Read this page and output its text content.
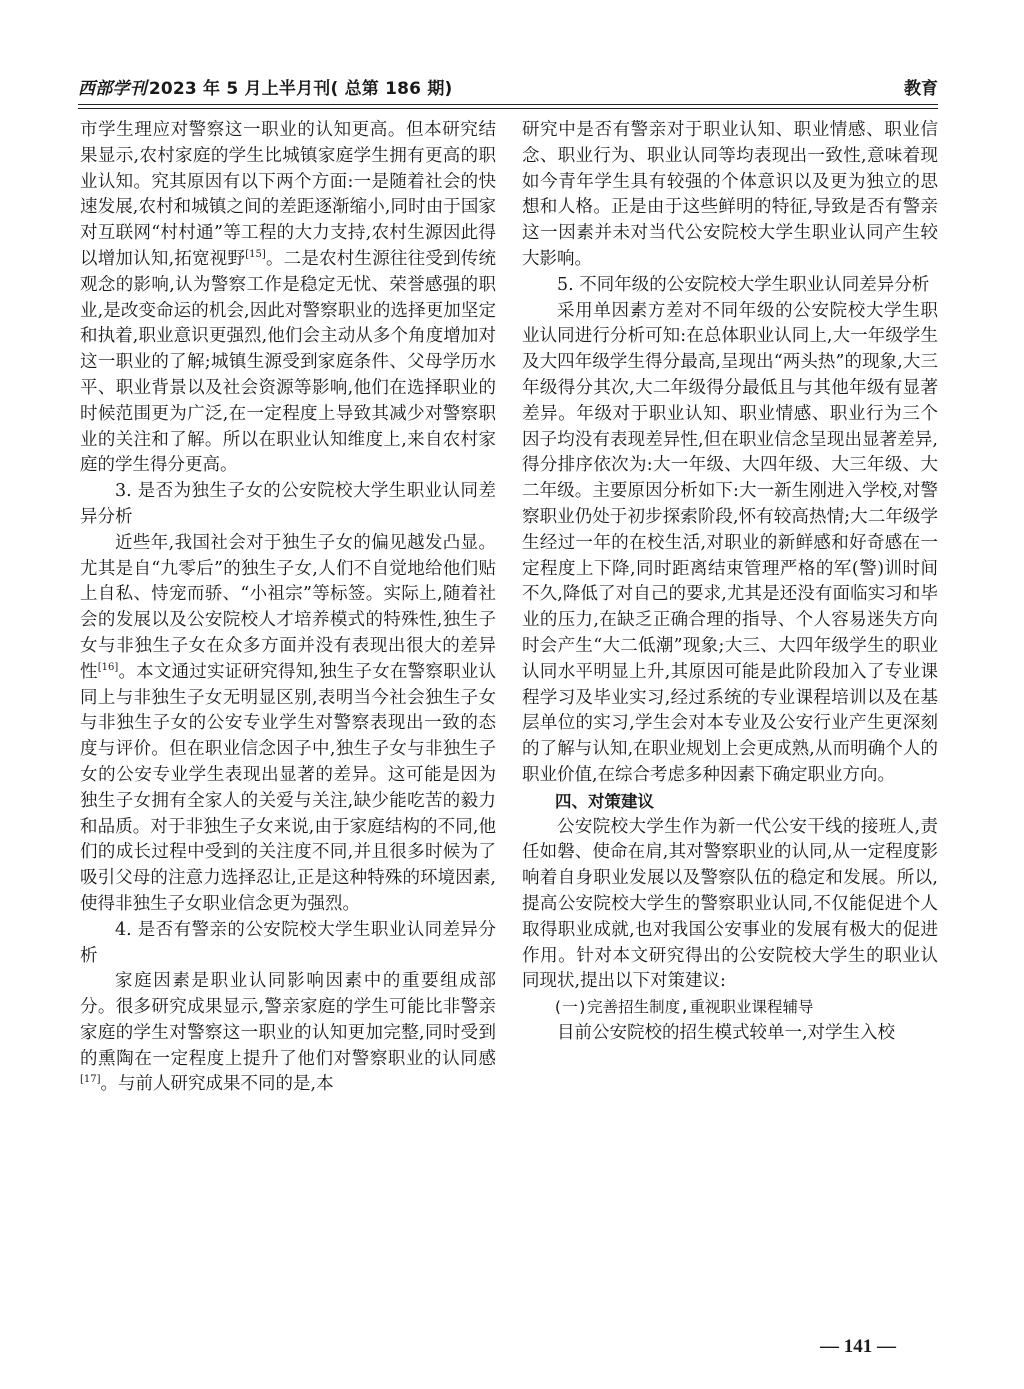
西部学刊 2023 年 5 月上半月刊( 总第 186 期)	教育

市学生理应对警察这一职业的认知更高。但本研究结果显示,农村家庭的学生比城镇家庭学生拥有更高的职业认知。究其原因有以下两个方面:一是随着社会的快速发展,农村和城镇之间的差距逐渐缩小,同时由于国家对互联网“村村通”等工程的大力支持,农村生源因此得以增加认知,拓宽视野[15]。二是农村生源往往受到传统观念的影响,认为警察工作是稳定无忧、荣誉感强的职业,是改变命运的机会,因此对警察职业的选择更加坚定和执着,职业意识更强烈,他们会主动从多个角度增加对这一职业的了解;城镇生源受到家庭条件、父母学历水平、职业背景以及社会资源等影响,他们在选择职业的时候范围更为广泛,在一定程度上导致其减少对警察职业的关注和了解。所以在职业认知维度上,来自农村家庭的学生得分更高。

3. 是否为独生子女的公安院校大学生职业认同差异分析

近些年,我国社会对于独生子女的偏见越发凸显。尤其是自“九零后”的独生子女,人们不自觉地给他们贴上自私、恃宠而骄、“小祖宗”等标签。实际上,随着社会的发展以及公安院校人才培养模式的特殊性,独生子女与非独生子女在众多方面并没有表现出很大的差异性[16]。本文通过实证研究得知,独生子女在警察职业认同上与非独生子女无明显区别,表明当今社会独生子女与非独生子女的公安专业学生对警察表现出一致的态度与评价。但在职业信念因子中,独生子女与非独生子女的公安专业学生表现出显著的差异。这可能是因为独生子女拥有全家人的关爱与关注,缺少能吃苦的毅力和品质。对于非独生子女来说,由于家庭结构的不同,他们的成长过程中受到的关注度不同,并且很多时候为了吸引父母的注意力选择忍让,正是这种特殊的环境因素,使得非独生子女职业信念更为强烈。

4. 是否有警亲的公安院校大学生职业认同差异分析

家庭因素是职业认同影响因素中的重要组成部分。很多研究成果显示,警亲家庭的学生可能比非警亲家庭的学生对警察这一职业的认知更加完整,同时受到的熏陶在一定程度上提升了他们对警察职业的认同感[17]。与前人研究成果不同的是,本

研究中是否有警亲对于职业认知、职业情感、职业信念、职业行为、职业认同等均表现出一致性,意味着现如今青年学生具有较强的个体意识以及更为独立的思想和人格。正是由于这些鲜明的特征,导致是否有警亲这一因素并未对当代公安院校大学生职业认同产生较大影响。

5. 不同年级的公安院校大学生职业认同差异分析

采用单因素方差对不同年级的公安院校大学生职业认同进行分析可知:在总体职业认同上,大一年级学生及大四年级学生得分最高,呈现出“两头热”的现象,大三年级得分其次,大二年级得分最低且与其他年级有显著差异。年级对于职业认知、职业情感、职业行为三个因子均没有表现差异性,但在职业信念呈现出显著差异,得分排序依次为:大一年级、大四年级、大三年级、大二年级。主要原因分析如下:大一新生刚进入学校,对警察职业仍处于初步探索阶段,怀有较高热情;大二年级学生经过一年的在校生活,对职业的新鲜感和好奇感在一定程度上下降,同时距离结束管理严格的军(警)训时间不久,降低了对自己的要求,尤其是还没有面临实习和毕业的压力,在缺乏正确合理的指导、个人容易迷失方向时会产生“大二低潮”现象;大三、大四年级学生的职业认同水平明显上升,其原因可能是此阶段加入了专业课程学习及毕业实习,经过系统的专业课程培训以及在基层单位的实习,学生会对本专业及公安行业产生更深刻的了解与认知,在职业规划上会更成熟,从而明确个人的职业价值,在综合考虑多种因素下确定职业方向。

四、对策建议

公安院校大学生作为新一代公安干线的接班人,责任如磐、使命在肩,其对警察职业的认同,从一定程度影响着自身职业发展以及警察队伍的稳定和发展。所以,提高公安院校大学生的警察职业认同,不仅能促进个人取得职业成就,也对我国公安事业的发展有极大的促进作用。针对本文研究得出的公安院校大学生的职业认同现状,提出以下对策建议:

(一)完善招生制度,重视职业课程辅导

目前公安院校的招生模式较单一,对学生入校

— 141 —
